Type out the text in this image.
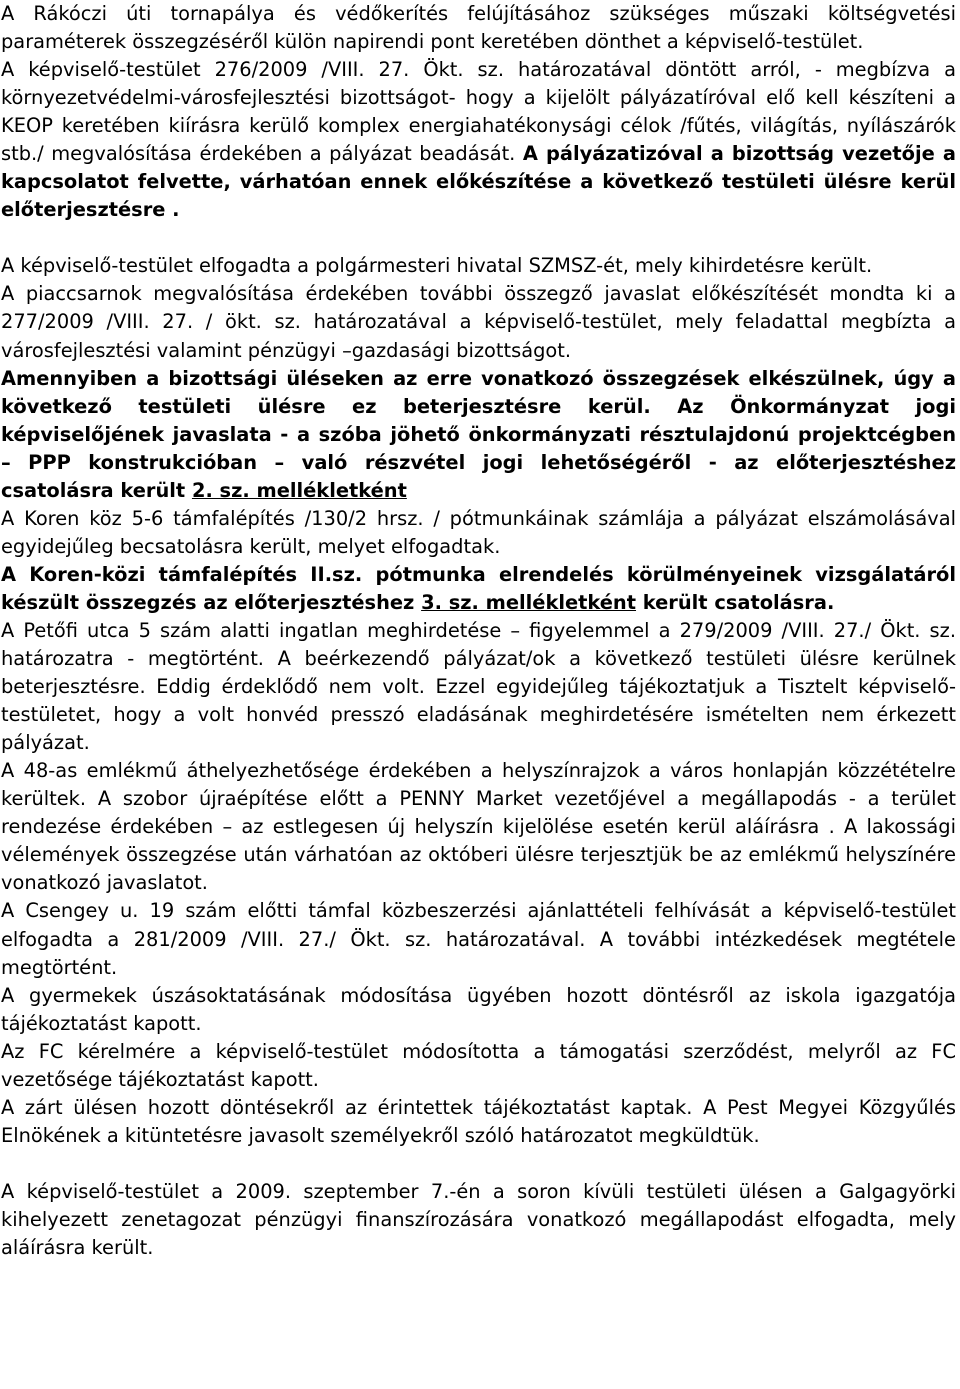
A Rákóczi úti tornapálya és védőkerítés felújításához szükséges műszaki költségvetési paraméterek összegzéséről külön napirendi pont keretében dönthet a képviselő-testület.

A képviselő-testület 276/2009 /VIII. 27. Ökt. sz. határozatával döntött arról, - megbízva a környezetvédelmi-városfejlesztési bizottságot- hogy a kijelölt pályázatíróval elő kell készíteni a KEOP keretében kiírásra kerülő komplex energiahatékonysági célok /fűtés, világítás, nyílászárók stb./ megvalósítása érdekében a pályázat beadását. A pályázatizóval a bizottság vezetője a kapcsolatot felvette, várhatóan ennek előkészítése a következő testületi ülésre kerül előterjesztésre .

A képviselő-testület elfogadta a polgármesteri hivatal SZMSZ-ét, mely kihirdetésre került.

A piaccsarnok megvalósítása érdekében további összegző javaslat előkészítését mondta ki a 277/2009 /VIII. 27. / ökt. sz. határozatával a képviselő-testület, mely feladattal megbízta a városfejlesztési valamint pénzügyi –gazdasági bizottságot.

Amennyiben a bizottsági üléseken az erre vonatkozó összegzések elkészülnek, úgy a következő testületi ülésre ez beterjesztésre kerül. Az Önkormányzat jogi képviselőjének javaslata - a szóba jöhető önkormányzati résztulajdonú projektcégben – PPP konstrukcióban – való részvétel jogi lehetőségéről - az előterjesztéshez csatolásra került 2. sz. mellékletként

A Koren köz 5-6 támfalépítés /130/2 hrsz. / pótmunkáinak számlája a pályázat elszámolásával egyidejűleg becsatolásra került, melyet elfogadtak.

A Koren-közi támfalépítés II.sz. pótmunka elrendelés körülményeinek vizsgálatáról készült összegzés az előterjesztéshez 3. sz. mellékletként került csatolásra.

A Petőfi utca 5 szám alatti ingatlan meghirdetése – figyelemmel a 279/2009 /VIII. 27./ Ökt. sz. határozatra - megtörtént. A beérkezendő pályázat/ok a következő testületi ülésre kerülnek beterjesztésre. Eddig érdeklődő nem volt. Ezzel egyidejűleg tájékoztatjuk a Tisztelt képviselő-testületet, hogy a volt honvéd presszó eladásának meghirdetésére ismételten nem érkezett pályázat.

A 48-as emlékmű áthelyezhetősége érdekében a helyszínrajzok a város honlapján közzétételre kerültek. A szobor újraépítése előtt a PENNY Market vezetőjével a megállapodás - a terület rendezése érdekében – az estlegesen új helyszín kijelölése esetén kerül aláírásra . A lakossági vélemények összegzése után várhatóan az októberi ülésre terjesztjük be az emlékmű helyszínére vonatkozó javaslatot.

A Csengey u. 19 szám előtti támfal közbeszerzési ajánlattételi felhívását a képviselő-testület elfogadta a 281/2009 /VIII. 27./ Ökt. sz. határozatával. A további intézkedések megtétele megtörtént.

A gyermekek úszásoktatásának módosítása ügyében hozott döntésről az iskola igazgatója tájékoztatást kapott.

Az FC kérelmére a képviselő-testület módosította a támogatási szerződést, melyről az FC vezetősége tájékoztatást kapott.

A zárt ülésen hozott döntésekről az érintettek tájékoztatást kaptak. A Pest Megyei Közgyűlés Elnökének a kitüntetésre javasolt személyekről szóló határozatot megküldtük.

A képviselő-testület a 2009. szeptember 7.-én a soron kívüli testületi ülésen a Galgagyörki kihelyezett zenetagozat pénzügyi finanszírozására vonatkozó megállapodást elfogadta, mely aláírásra került.
